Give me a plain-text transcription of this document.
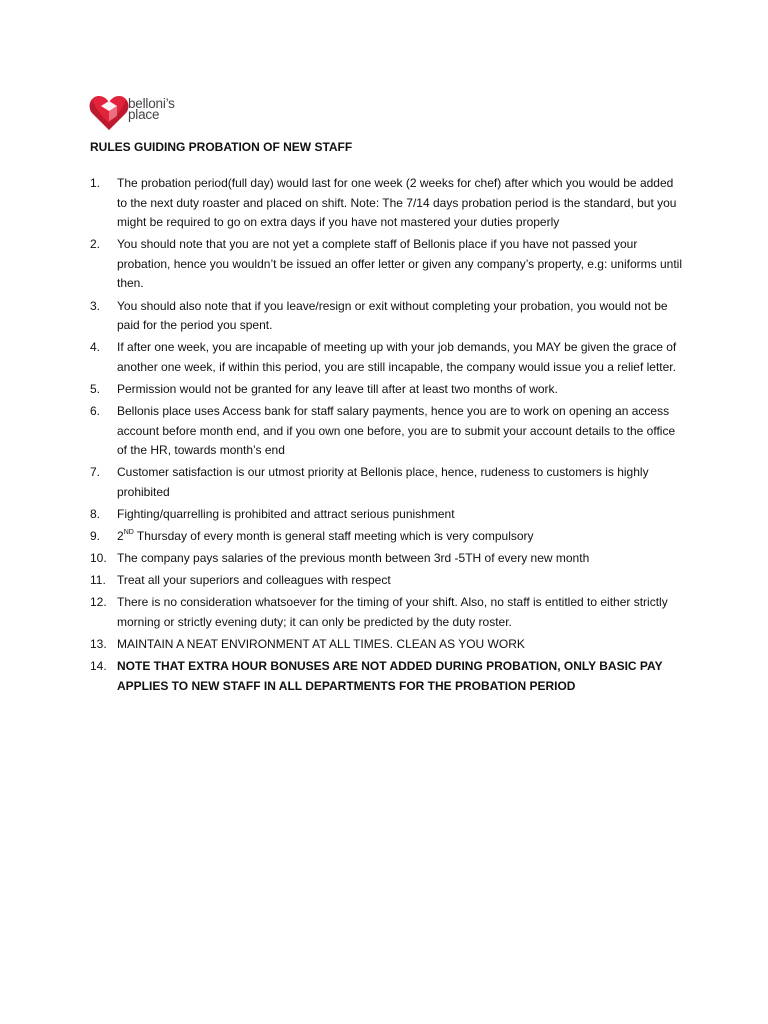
belloni’s
place
RULES GUIDING PROBATION OF NEW STAFF
1.	The probation period(full day) would last for one week (2 weeks for chef) after which you would be added to the next duty roaster and placed on shift. Note: The 7/14 days probation period is the standard, but you might be required to go on extra days if you have not mastered your duties properly
2.	You should note that you are not yet a complete staff of Bellonis place if you have not passed your probation, hence you wouldn’t be issued an offer letter or given any company’s property, e.g: uniforms until then.
3.	You should also note that if you leave/resign or exit without completing your probation, you would not be paid for the period you spent.
4.	If after one week, you are incapable of meeting up with your job demands, you MAY be given the grace of another one week, if within this period, you are still incapable, the company would issue you a relief letter.
5.	Permission would not be granted for any leave till after at least two months of work.
6.	Bellonis place uses Access bank for staff salary payments, hence you are to work on opening an access account before month end, and if you own one before, you are to submit your account details to the office of the HR, towards month’s end
7.	Customer satisfaction is our utmost priority at Bellonis place, hence, rudeness to customers is highly prohibited
8.	Fighting/quarrelling is prohibited and attract serious punishment
9.	2ND Thursday of every month is general staff meeting which is very compulsory
10. The company pays salaries of the previous month between 3rd -5TH of every new month
11. Treat all your superiors and colleagues with respect
12. There is no consideration whatsoever for the timing of your shift. Also, no staff is entitled to either strictly morning or strictly evening duty; it can only be predicted by the duty roster.
13. MAINTAIN A NEAT ENVIRONMENT AT ALL TIMES. CLEAN AS YOU WORK
14. NOTE THAT EXTRA HOUR BONUSES ARE NOT ADDED DURING PROBATION, ONLY BASIC PAY APPLIES TO NEW STAFF IN ALL DEPARTMENTS FOR THE PROBATION PERIOD
